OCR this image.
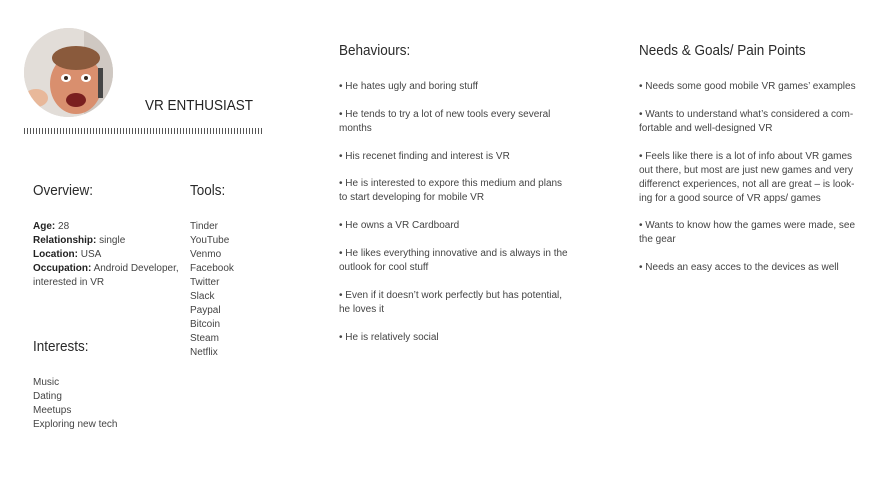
VR ENTHUSIAST
Overview:
Age: 28
Relationship: single
Location: USA
Occupation: Android Developer, interested in VR
Tools:
Tinder
YouTube
Venmo
Facebook
Twitter
Slack
Paypal
Bitcoin
Steam
Netflix
Interests:
Music
Dating
Meetups
Exploring new tech
Behaviours:
• He hates ugly and boring stuff
• He tends to try a lot of new tools every several months
• His recenet finding and interest is VR
• He is interested to expore this medium and plans to start developing for mobile VR
• He owns a VR Cardboard
• He likes everything innovative and is always in the outlook for cool stuff
• Even if it doesn’t work perfectly but has potential, he loves it
• He is relatively social
Needs & Goals/ Pain Points
• Needs some good mobile VR games’ examples
• Wants to understand what’s considered a com-fortable and well-designed VR
• Feels like there is a lot of info about VR games out there, but most are just new games and very differenct experiences, not all are great – is look-ing for a good source of VR apps/ games
• Wants to know how the games were made, see the gear
• Needs an easy acces to the devices as well
